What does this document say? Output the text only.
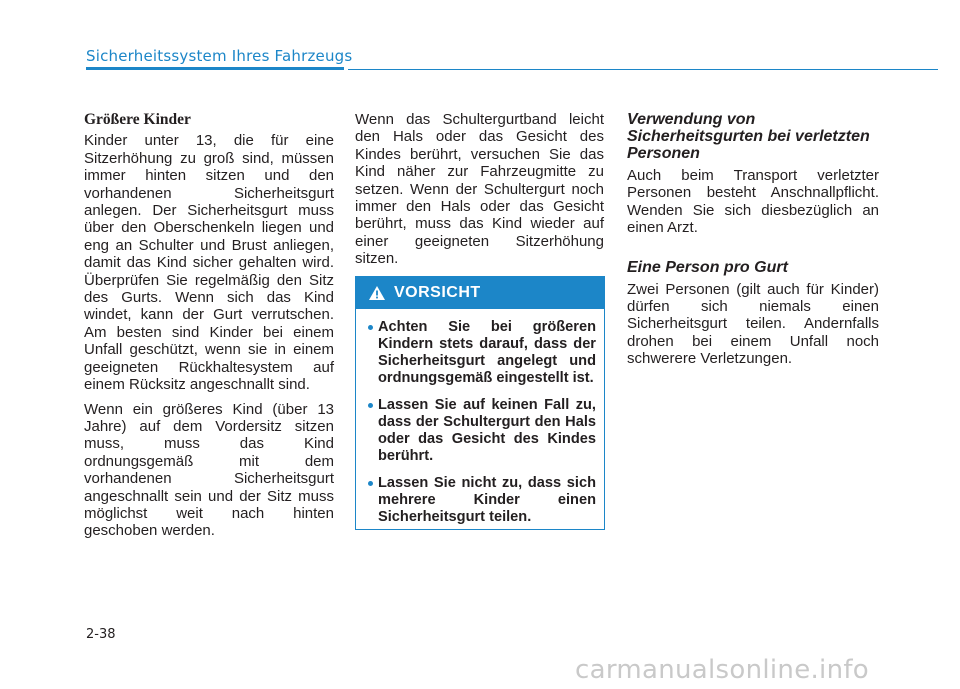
Sicherheitssystem Ihres Fahrzeugs
Größere Kinder

Kinder unter 13, die für eine Sitzerhöhung zu groß sind, müssen immer hinten sitzen und den vorhandenen Sicherheitsgurt anlegen. Der Sicherheitsgurt muss über den Oberschenkeln liegen und eng an Schulter und Brust anliegen, damit das Kind sicher gehalten wird. Überprüfen Sie regelmäßig den Sitz des Gurts. Wenn sich das Kind windet, kann der Gurt verrutschen. Am besten sind Kinder bei einem Unfall geschützt, wenn sie in einem geeigneten Rückhaltesystem auf einem Rücksitz angeschnallt sind.

Wenn ein größeres Kind (über 13 Jahre) auf dem Vordersitz sitzen muss, muss das Kind ordnungsgemäß mit dem vorhandenen Sicherheitsgurt angeschnallt sein und der Sitz muss möglichst weit nach hinten geschoben werden.

Wenn das Schultergurtband leicht den Hals oder das Gesicht des Kindes berührt, versuchen Sie das Kind näher zur Fahrzeugmitte zu setzen. Wenn der Schultergurt noch immer den Hals oder das Gesicht berührt, muss das Kind wieder auf einer geeigneten Sitzerhöhung sitzen.

VORSICHT
Achten Sie bei größeren Kindern stets darauf, dass der Sicherheitsgurt angelegt und ordnungsgemäß eingestellt ist.
Lassen Sie auf keinen Fall zu, dass der Schultergurt den Hals oder das Gesicht des Kindes berührt.
Lassen Sie nicht zu, dass sich mehrere Kinder einen Sicherheitsgurt teilen.
Verwendung von Sicherheitsgurten bei verletzten Personen

Auch beim Transport verletzter Personen besteht Anschnallpflicht. Wenden Sie sich diesbezüglich an einen Arzt.

Eine Person pro Gurt

Zwei Personen (gilt auch für Kinder) dürfen sich niemals einen Sicherheitsgurt teilen. Andernfalls drohen bei einem Unfall noch schwerere Verletzungen.

2-38
carmanualsonline.info
